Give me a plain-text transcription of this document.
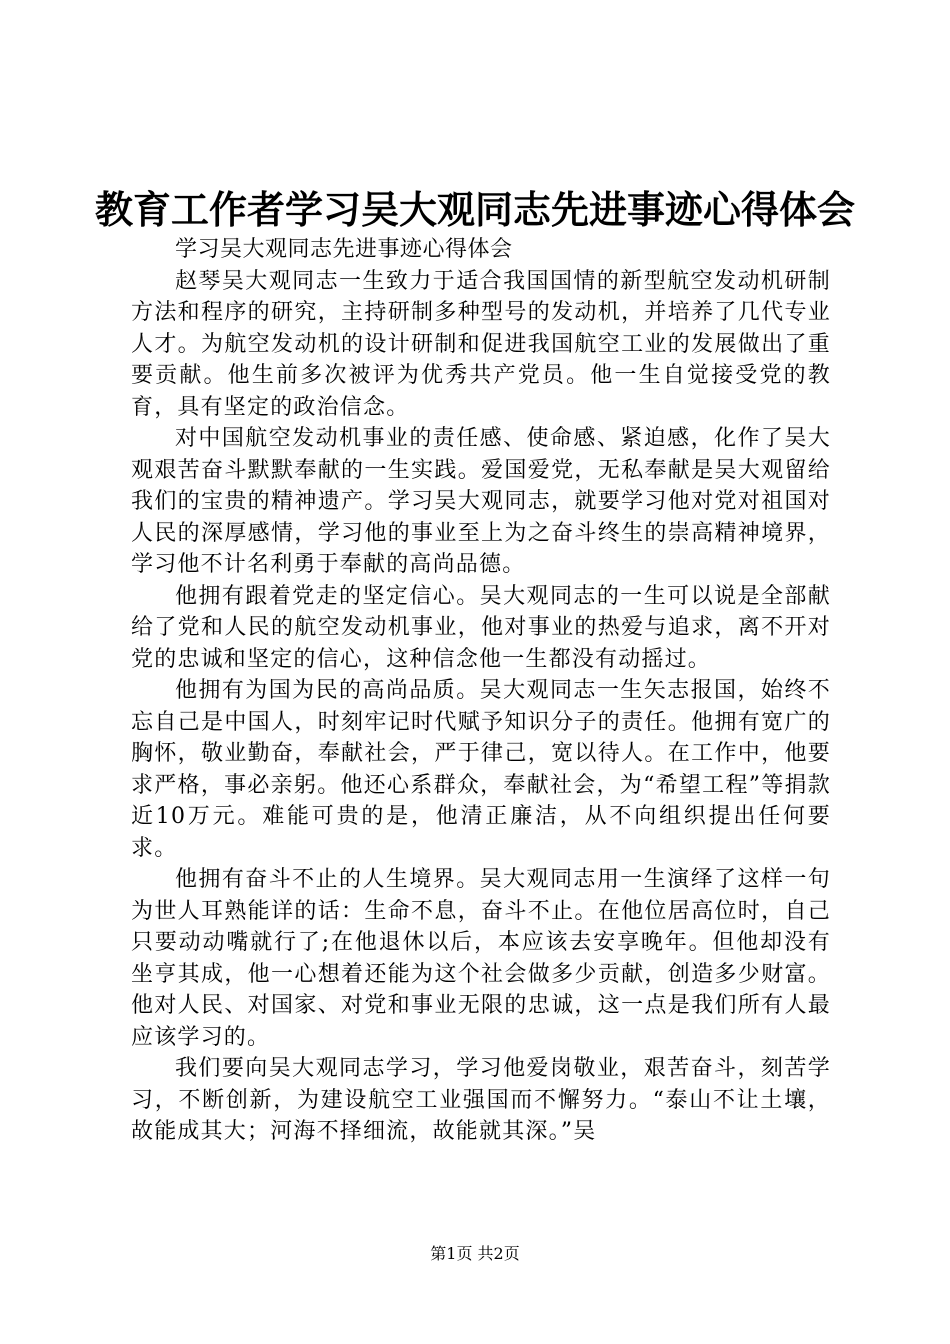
教育工作者学习吴大观同志先进事迹心得体会

学习吴大观同志先进事迹心得体会

赵琴吴大观同志一生致力于适合我国国情的新型航空发动机研制方法和程序的研究，主持研制多种型号的发动机，并培养了几代专业人才。为航空发动机的设计研制和促进我国航空工业的发展做出了重要贡献。他生前多次被评为优秀共产党员。他一生自觉接受党的教育，具有坚定的政治信念。

对中国航空发动机事业的责任感、使命感、紧迫感，化作了吴大观艰苦奋斗默默奉献的一生实践。爱国爱党，无私奉献是吴大观留给我们的宝贵的精神遗产。学习吴大观同志，就要学习他对党对祖国对人民的深厚感情，学习他的事业至上为之奋斗终生的崇高精神境界，学习他不计名利勇于奉献的高尚品德。

他拥有跟着党走的坚定信心。吴大观同志的一生可以说是全部献给了党和人民的航空发动机事业，他对事业的热爱与追求，离不开对党的忠诚和坚定的信心，这种信念他一生都没有动摇过。

他拥有为国为民的高尚品质。吴大观同志一生矢志报国，始终不忘自己是中国人，时刻牢记时代赋予知识分子的责任。他拥有宽广的胸怀，敬业勤奋，奉献社会，严于律己，宽以待人。在工作中，他要求严格，事必亲躬。他还心系群众，奉献社会，为“希望工程”等捐款近10万元。难能可贵的是，他清正廉洁，从不向组织提出任何要求。

他拥有奋斗不止的人生境界。吴大观同志用一生演绎了这样一句为世人耳熟能详的话：生命不息，奋斗不止。在他位居高位时，自己只要动动嘴就行了;在他退休以后，本应该去安享晚年。但他却没有坐亨其成，他一心想着还能为这个社会做多少贡献，创造多少财富。他对人民、对国家、对党和事业无限的忠诚，这一点是我们所有人最应该学习的。

我们要向吴大观同志学习，学习他爱岗敬业，艰苦奋斗，刻苦学习，不断创新，为建设航空工业强国而不懈努力。“泰山不让土壤，故能成其大；河海不择细流，故能就其深。”吴

第1页 共2页
